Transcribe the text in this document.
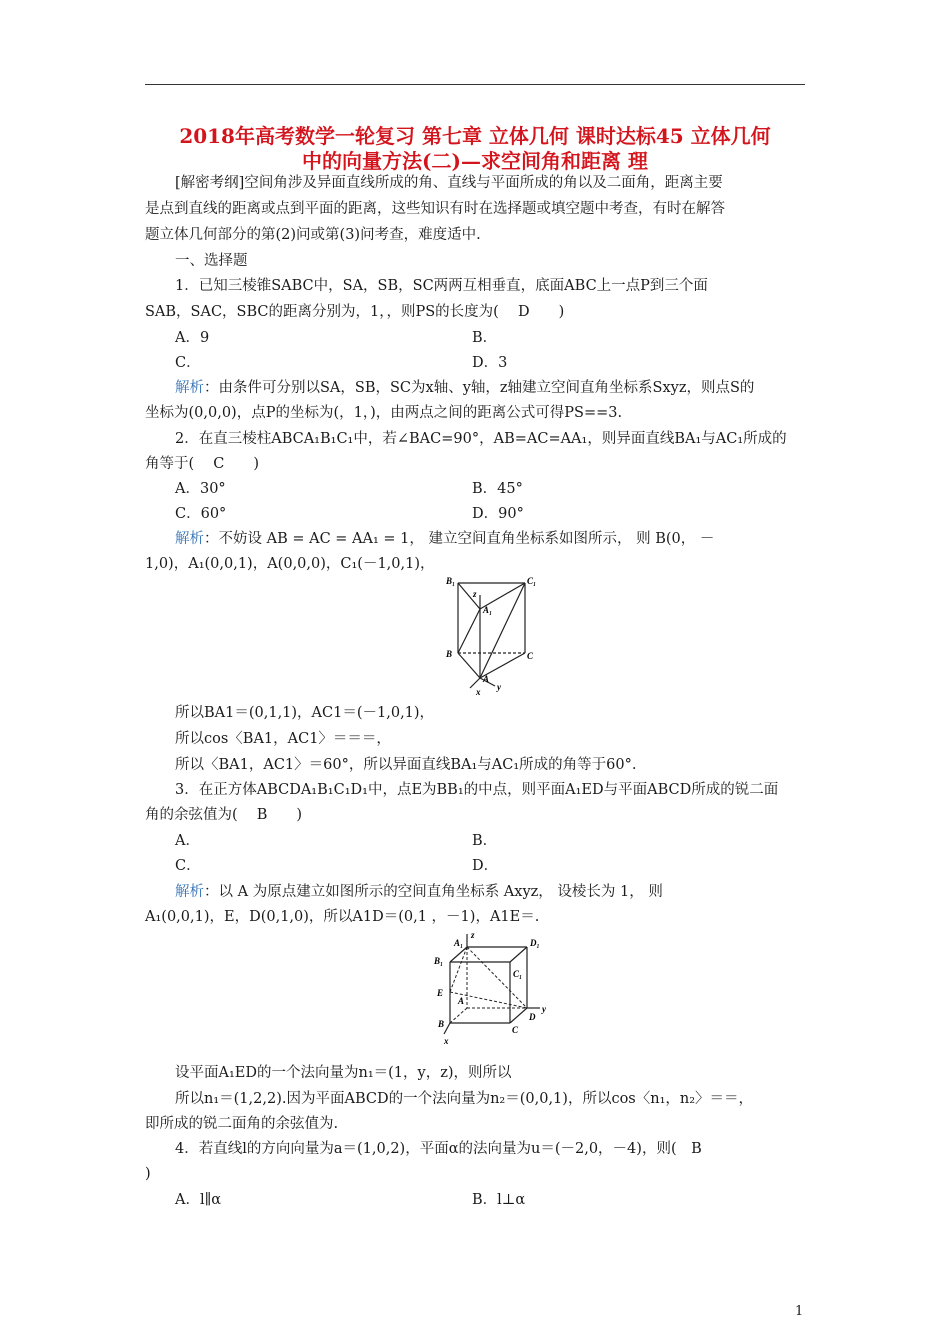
2018年高考数学一轮复习 第七章 立体几何 课时达标45 立体几何
中的向量方法(二)—求空间角和距离 理
[解密考纲]空间角涉及异面直线所成的角、直线与平面所成的角以及二面角，距离主要
是点到直线的距离或点到平面的距离，这些知识有时在选择题或填空题中考查，有时在解答
题立体几何部分的第(2)问或第(3)问考查，难度适中.
一、选择题
1．已知三棱锥SABC中，SA，SB，SC两两互相垂直，底面ABC上一点P到三个面
SAB，SAC，SBC的距离分别为，1，，则PS的长度为(　 D　　)
A．9	B．
C．	D．3
解析：由条件可分别以SA，SB，SC为x轴、y轴，z轴建立空间直角坐标系Sxyz，则点S的
坐标为(0,0,0)，点P的坐标为(，1，)，由两点之间的距离公式可得PS==3.
2．在直三棱柱ABCA₁B₁C₁中，若∠BAC=90°，AB=AC=AA₁，则异面直线BA₁与AC₁所成的
角等于(　 C　　)
A．30°	B．45°
C．60°	D．90°
解析：不妨设 AB = AC = AA₁ = 1， 建立空间直角坐标系如图所示， 则 B(0， －
1,0)，A₁(0,0,1)，A(0,0,0)，C₁(－1,0,1)，
B₁	C₁
z
A₁
B	C
A
x y
所以BA1＝(0,1,1)，AC1＝(－1,0,1)，
所以cos〈BA1，AC1〉＝＝＝，
所以〈BA1，AC1〉＝60°，所以异面直线BA₁与AC₁所成的角等于60°.
3．在正方体ABCDA₁B₁C₁D₁中，点E为BB₁的中点，则平面A₁ED与平面ABCD所成的锐二面
角的余弦值为(　 B　　)
A．	B．
C．	D．
解析：以 A 为原点建立如图所示的空间直角坐标系 Axyz， 设棱长为 1， 则
A₁(0,0,1)，E，D(0,1,0)，所以A1D＝(0,1 ，－1)，A1E＝.
A₁
z
D₁
B₁
C₁
A
E
D
y
B
C
x
设平面A₁ED的一个法向量为n₁＝(1，y，z)，则所以
所以n₁＝(1,2,2).因为平面ABCD的一个法向量为n₂＝(0,0,1)，所以cos〈n₁，n₂〉＝＝，
即所成的锐二面角的余弦值为.
4．若直线l的方向向量为a＝(1,0,2)，平面α的法向量为u＝(－2,0，－4)，则(　B
)
A．l∥α	B．l⊥α
1
